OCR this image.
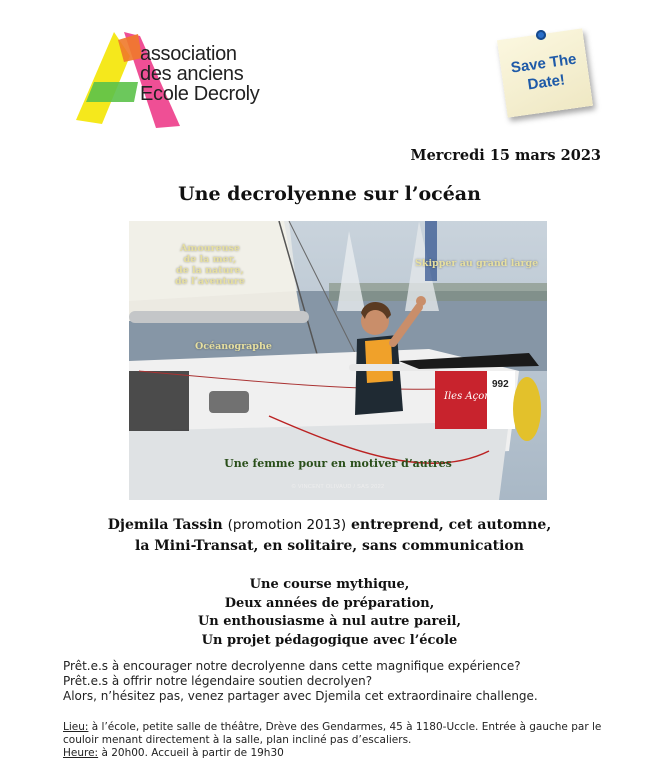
association
des anciens
Ecole Decroly
Save The
Date!
Mercredi 15 mars 2023
Une decrolyenne sur l’océan
Iles Açores
992
Amoureuse
de la mer,
de la nature,
de l’aventure
Skipper au grand large
Océanographe
Une femme pour en motiver d’autres
© VINCENT OLIVAUD / SAS 2022
Djemila Tassin (promotion 2013) entreprend, cet automne,
la Mini-Transat, en solitaire, sans communication
Une course mythique,
Deux années de préparation,
Un enthousiasme à nul autre pareil,
Un projet pédagogique avec l’école
Prêt.e.s à encourager notre decrolyenne dans cette magnifique expérience?
Prêt.e.s à offrir notre légendaire soutien decrolyen?
Alors, n’hésitez pas, venez partager avec Djemila cet extraordinaire challenge.
Lieu: à l’école, petite salle de théâtre, Drève des Gendarmes, 45 à 1180-Uccle. Entrée à gauche par le couloir menant directement à la salle, plan incliné pas d’escaliers.
Heure: à 20h00. Accueil à partir de 19h30
